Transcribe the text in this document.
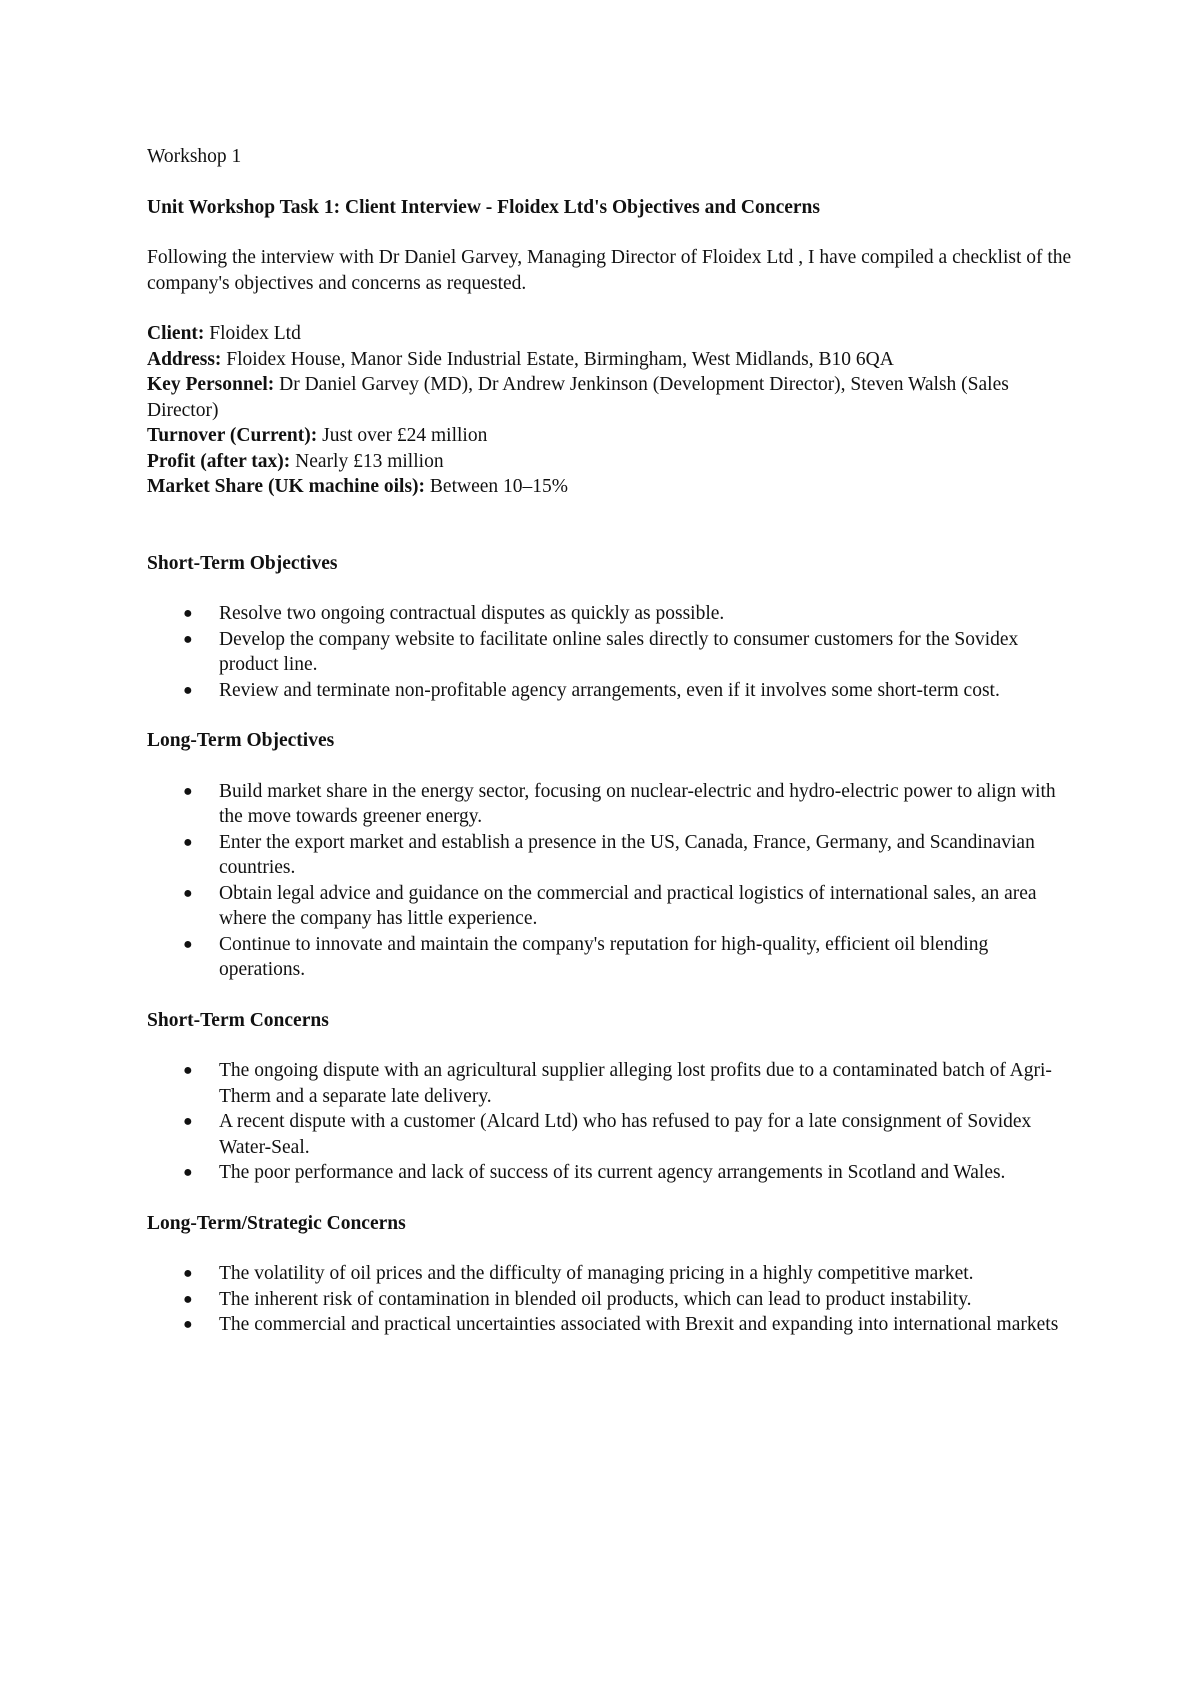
Workshop 1

Unit Workshop Task 1: Client Interview - Floidex Ltd's Objectives and Concerns

Following the interview with Dr Daniel Garvey, Managing Director of Floidex Ltd , I have compiled a checklist of the company's objectives and concerns as requested.

Client: Floidex Ltd

Address: Floidex House, Manor Side Industrial Estate, Birmingham, West Midlands, B10 6QA

Key Personnel: Dr Daniel Garvey (MD), Dr Andrew Jenkinson (Development Director), Steven Walsh (Sales Director)

Turnover (Current): Just over £24 million

Profit (after tax): Nearly £13 million

Market Share (UK machine oils): Between 10–15%

Short-Term Objectives

● Resolve two ongoing contractual disputes as quickly as possible.
● Develop the company website to facilitate online sales directly to consumer customers for the Sovidex product line.
● Review and terminate non-profitable agency arrangements, even if it involves some short-term cost.

Long-Term Objectives

● Build market share in the energy sector, focusing on nuclear-electric and hydro-electric power to align with the move towards greener energy.
● Enter the export market and establish a presence in the US, Canada, France, Germany, and Scandinavian countries.
● Obtain legal advice and guidance on the commercial and practical logistics of international sales, an area where the company has little experience.
● Continue to innovate and maintain the company's reputation for high-quality, efficient oil blending operations.

Short-Term Concerns

● The ongoing dispute with an agricultural supplier alleging lost profits due to a contaminated batch of Agri-Therm and a separate late delivery.
● A recent dispute with a customer (Alcard Ltd) who has refused to pay for a late consignment of Sovidex Water-Seal.
● The poor performance and lack of success of its current agency arrangements in Scotland and Wales.

Long-Term/Strategic Concerns

● The volatility of oil prices and the difficulty of managing pricing in a highly competitive market.
● The inherent risk of contamination in blended oil products, which can lead to product instability.
● The commercial and practical uncertainties associated with Brexit and expanding into international markets
